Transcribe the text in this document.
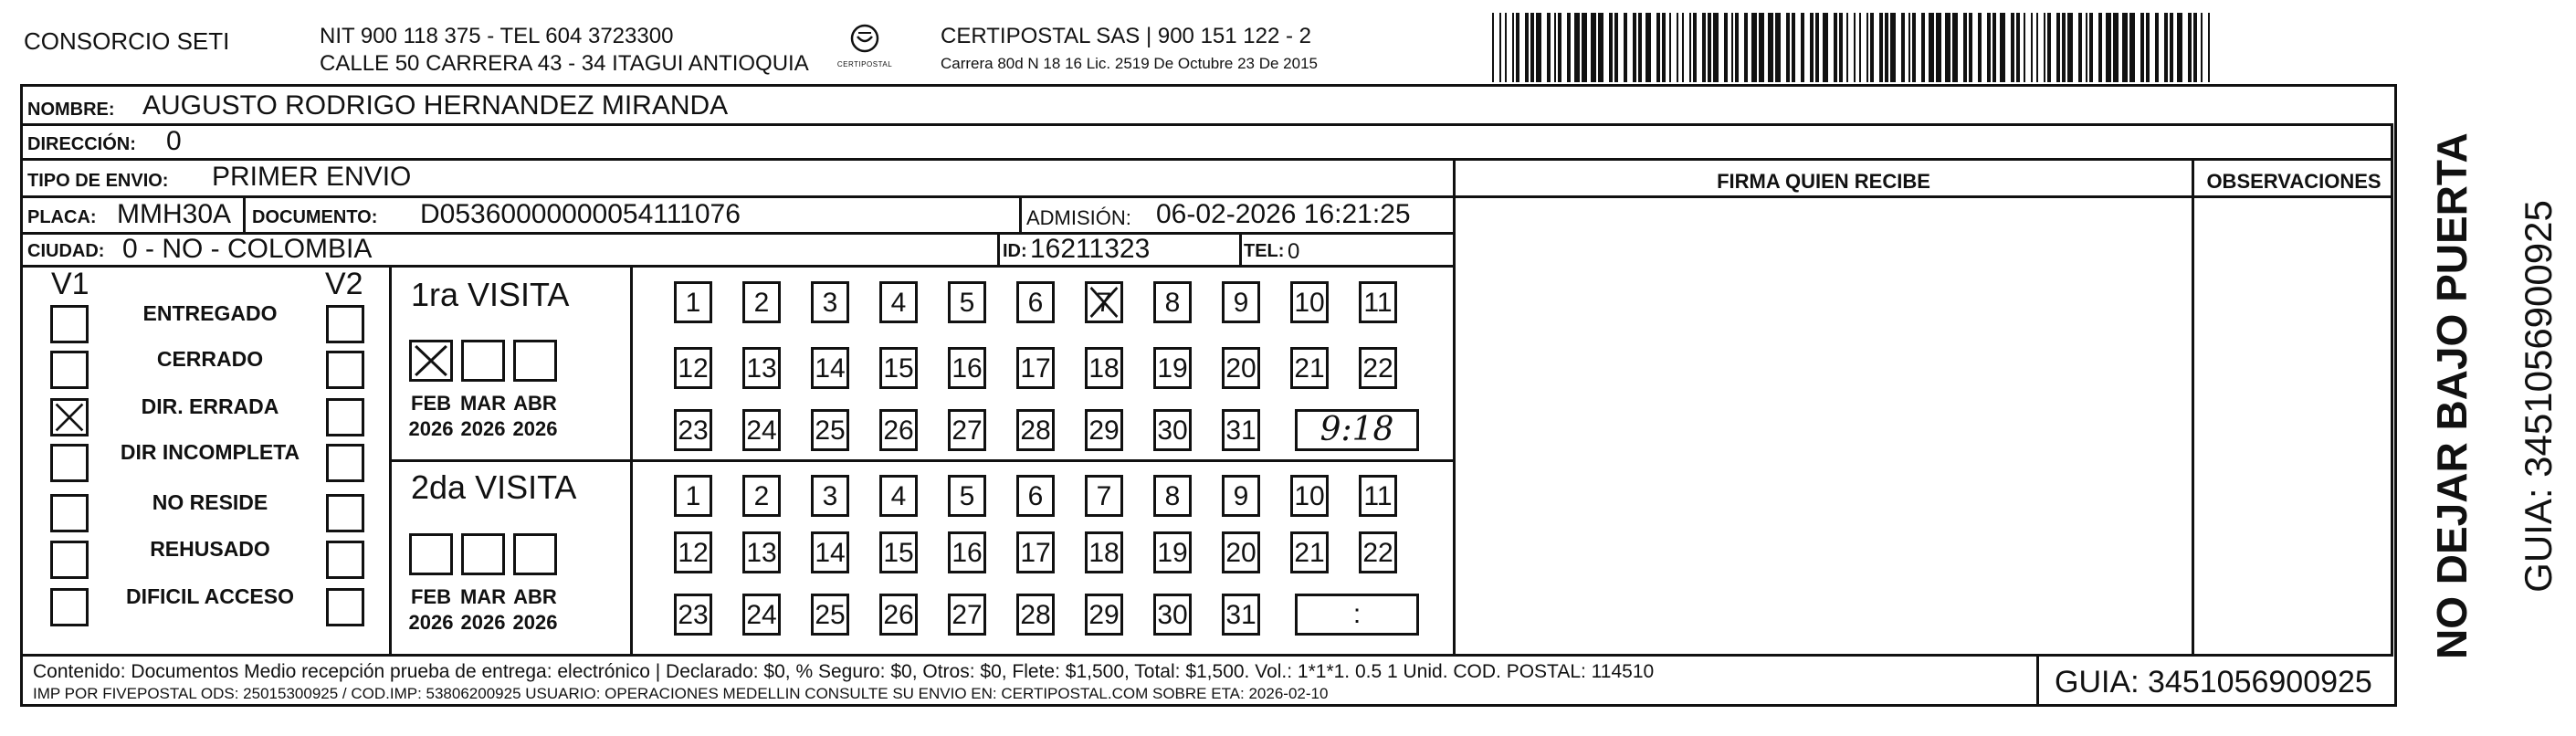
CONSORCIO SETI	NIT 900 118 375 - TEL 604 3723300
CALLE 50 CARRERA 43 - 34 ITAGUI ANTIOQUIA	CERTIPOSTAL
CERTIPOSTAL SAS | 900 151 122 - 2
Carrera 80d N 18 16 Lic. 2519 De Octubre 23 De 2015
NOMBRE: AUGUSTO RODRIGO HERNANDEZ MIRANDA
DIRECCIÓN: 0
TIPO DE ENVIO: PRIMER ENVIO	FIRMA QUIEN RECIBE	OBSERVACIONES
PLACA: MMH30A DOCUMENTO: D05360000000054111076	ADMISIÓN: 06-02-2026 16:21:25
CIUDAD: 0 - NO - COLOMBIA	ID: 16211323	TEL: 0
V1	V2
ENTREGADO
CERRADO
DIR. ERRADA
DIR INCOMPLETA
NO RESIDE
REHUSADO
DIFICIL ACCESO
1ra VISITA
2da VISITA
FEB
2026
MAR
2026
ABR
2026
1	2	3	4	5	6	7	8	9	10 11
12 13 14 15 16 17 18 19 20 21 22
23 24 25 26 27 28 29 30 31	9:18
FEB
2026
MAR
2026
ABR
2026
1	2	3	4	5	6	7	8	9	10 11
12 13 14 15 16 17 18 19 20 21 22
23 24 25 26 27 28 29 30 31	:
Contenido: Documentos Medio recepción prueba de entrega: electrónico | Declarado: $0, % Seguro: $0, Otros: $0, Flete: $1,500, Total: $1,500. Vol.: 1*1*1. 0.5 1 Unid. COD. POSTAL: 114510
IMP POR FIVEPOSTAL ODS: 25015300925 / COD.IMP: 53806200925 USUARIO: OPERACIONES MEDELLIN CONSULTE SU ENVIO EN: CERTIPOSTAL.COM SOBRE ETA: 2026-02-10	GUIA: 3451056900925
NO DEJAR BAJO PUERTA GUIA: 3451056900925
